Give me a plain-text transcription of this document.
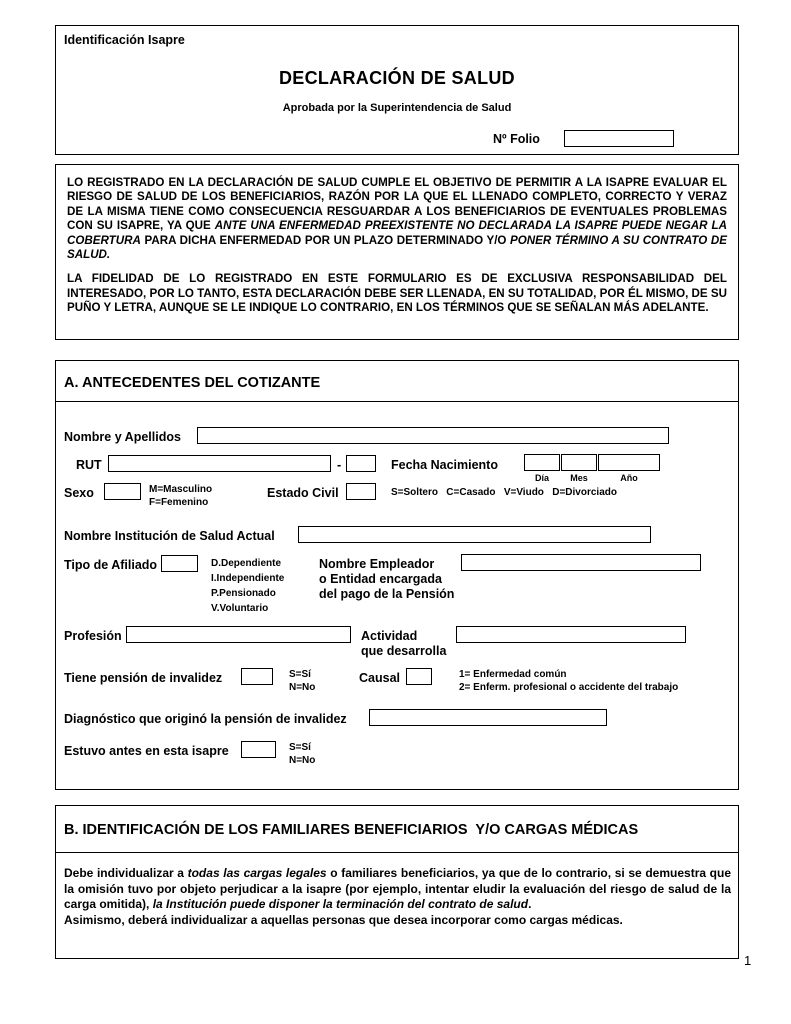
Identificación Isapre
DECLARACIÓN DE SALUD
Aprobada por la Superintendencia de Salud
Nº Folio

LO REGISTRADO EN LA DECLARACIÓN DE SALUD CUMPLE EL OBJETIVO DE PERMITIR A LA ISAPRE EVALUAR EL RIESGO DE SALUD DE LOS BENEFICIARIOS, RAZÓN POR LA QUE EL LLENADO COMPLETO, CORRECTO Y VERAZ DE LA MISMA TIENE COMO CONSECUENCIA RESGUARDAR A LOS BENEFICIARIOS DE EVENTUALES PROBLEMAS CON SU ISAPRE, YA QUE ANTE UNA ENFERMEDAD PREEXISTENTE NO DECLARADA LA ISAPRE PUEDE NEGAR LA COBERTURA PARA DICHA ENFERMEDAD POR UN PLAZO DETERMINADO Y/O PONER TÉRMINO A SU CONTRATO DE SALUD.

LA FIDELIDAD DE LO REGISTRADO EN ESTE FORMULARIO ES DE EXCLUSIVA RESPONSABILIDAD DEL INTERESADO, POR LO TANTO, ESTA DECLARACIÓN DEBE SER LLENADA, EN SU TOTALIDAD, POR ÉL MISMO, DE SU PUÑO Y LETRA, AUNQUE SE LE INDIQUE LO CONTRARIO, EN LOS TÉRMINOS QUE SE SEÑALAN MÁS ADELANTE.

A. ANTECEDENTES DEL COTIZANTE
Nombre y Apellidos
RUT	-	Fecha Nacimiento
Día	Mes	Año
Sexo	M=Masculino
F=Femenino
Estado Civil	S=Soltero   C=Casado   V=Viudo   D=Divorciado
Nombre Institución de Salud Actual
Tipo de Afiliado	D.Dependiente
I.Independiente
P.Pensionado
V.Voluntario
Nombre Empleador
o Entidad encargada
del pago de la Pensión
Profesión	Actividad
que desarrolla
Tiene pensión de invalidez	S=Sí
N=No
Causal	1= Enfermedad común
2= Enferm. profesional o accidente del trabajo
Diagnóstico que originó la pensión de invalidez
Estuvo antes en esta isapre	S=Sí
N=No
B. IDENTIFICACIÓN DE LOS FAMILIARES BENEFICIARIOS  Y/O CARGAS MÉDICAS

Debe individualizar a todas las cargas legales o familiares beneficiarios, ya que de lo contrario, si se demuestra que la omisión tuvo por objeto perjudicar a la isapre (por ejemplo, intentar eludir la evaluación del riesgo de salud de la carga omitida), la Institución puede disponer la terminación del contrato de salud.

Asimismo, deberá individualizar a aquellas personas que desea incorporar como cargas médicas.

1
